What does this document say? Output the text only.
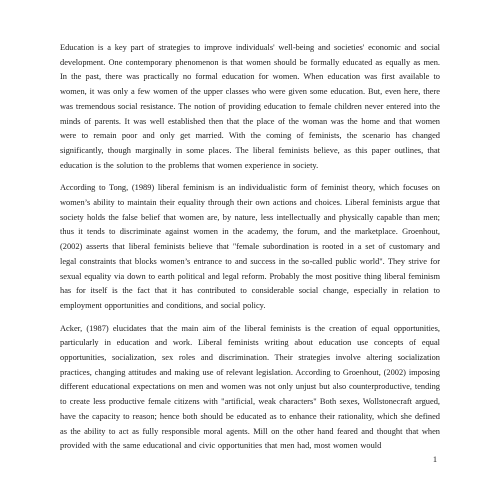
Education is a key part of strategies to improve individuals' well-being and societies' economic and social development. One contemporary phenomenon is that women should be formally educated as equally as men. In the past, there was practically no formal education for women. When education was first available to women, it was only a few women of the upper classes who were given some education. But, even here, there was tremendous social resistance. The notion of providing education to female children never entered into the minds of parents. It was well established then that the place of the woman was the home and that women were to remain poor and only get married. With the coming of feminists, the scenario has changed significantly, though marginally in some places. The liberal feminists believe, as this paper outlines, that education is the solution to the problems that women experience in society.

According to Tong, (1989) liberal feminism is an individualistic form of feminist theory, which focuses on women’s ability to maintain their equality through their own actions and choices. Liberal feminists argue that society holds the false belief that women are, by nature, less intellectually and physically capable than men; thus it tends to discriminate against women in the academy, the forum, and the marketplace. Groenhout, (2002) asserts that liberal feminists believe that "female subordination is rooted in a set of customary and legal constraints that blocks women’s entrance to and success in the so-called public world". They strive for sexual equality via down to earth political and legal reform. Probably the most positive thing liberal feminism has for itself is the fact that it has contributed to considerable social change, especially in relation to employment opportunities and conditions, and social policy.

Acker, (1987) elucidates that the main aim of the liberal feminists is the creation of equal opportunities, particularly in education and work. Liberal feminists writing about education use concepts of equal opportunities, socialization, sex roles and discrimination. Their strategies involve altering socialization practices, changing attitudes and making use of relevant legislation. According to Groenhout, (2002) imposing different educational expectations on men and women was not only unjust but also counterproductive, tending to create less productive female citizens with "artificial, weak characters" Both sexes, Wollstonecraft argued, have the capacity to reason; hence both should be educated as to enhance their rationality, which she defined as the ability to act as fully responsible moral agents. Mill on the other hand feared and thought that when provided with the same educational and civic opportunities that men had, most women would

1
